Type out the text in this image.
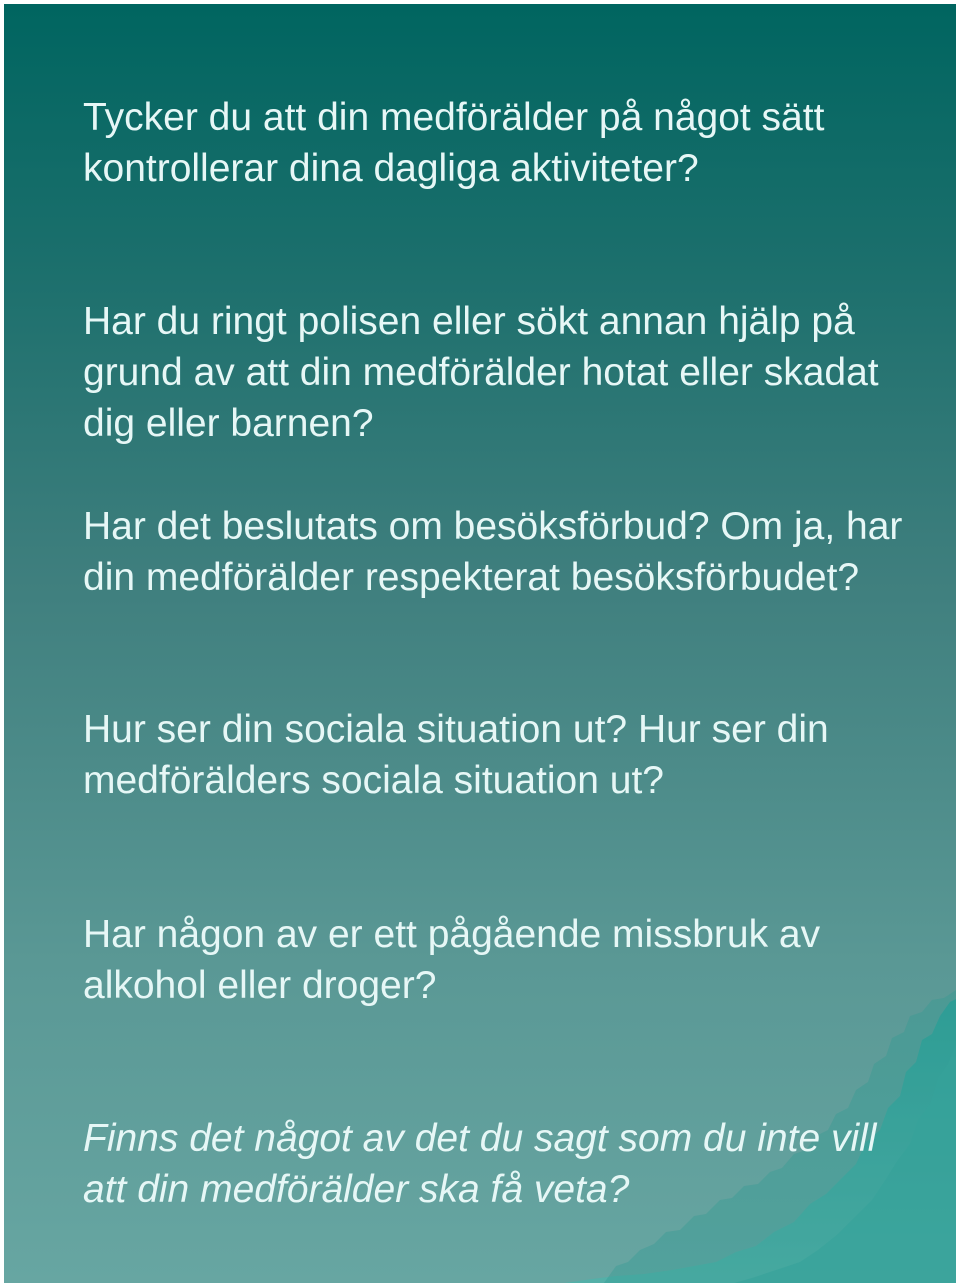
Tycker du att din medförälder på något sätt kontrollerar dina dagliga aktiviteter?

Har du ringt polisen eller sökt annan hjälp på grund av att din medförälder hotat eller skadat dig eller barnen?

Har det beslutats om besöksförbud? Om ja, har din medförälder respekterat besöksförbudet?

Hur ser din sociala situation ut? Hur ser din medförälders sociala situation ut?

Har någon av er ett pågående missbruk av alkohol eller droger?

Finns det något av det du sagt som du inte vill att din medförälder ska få veta?
